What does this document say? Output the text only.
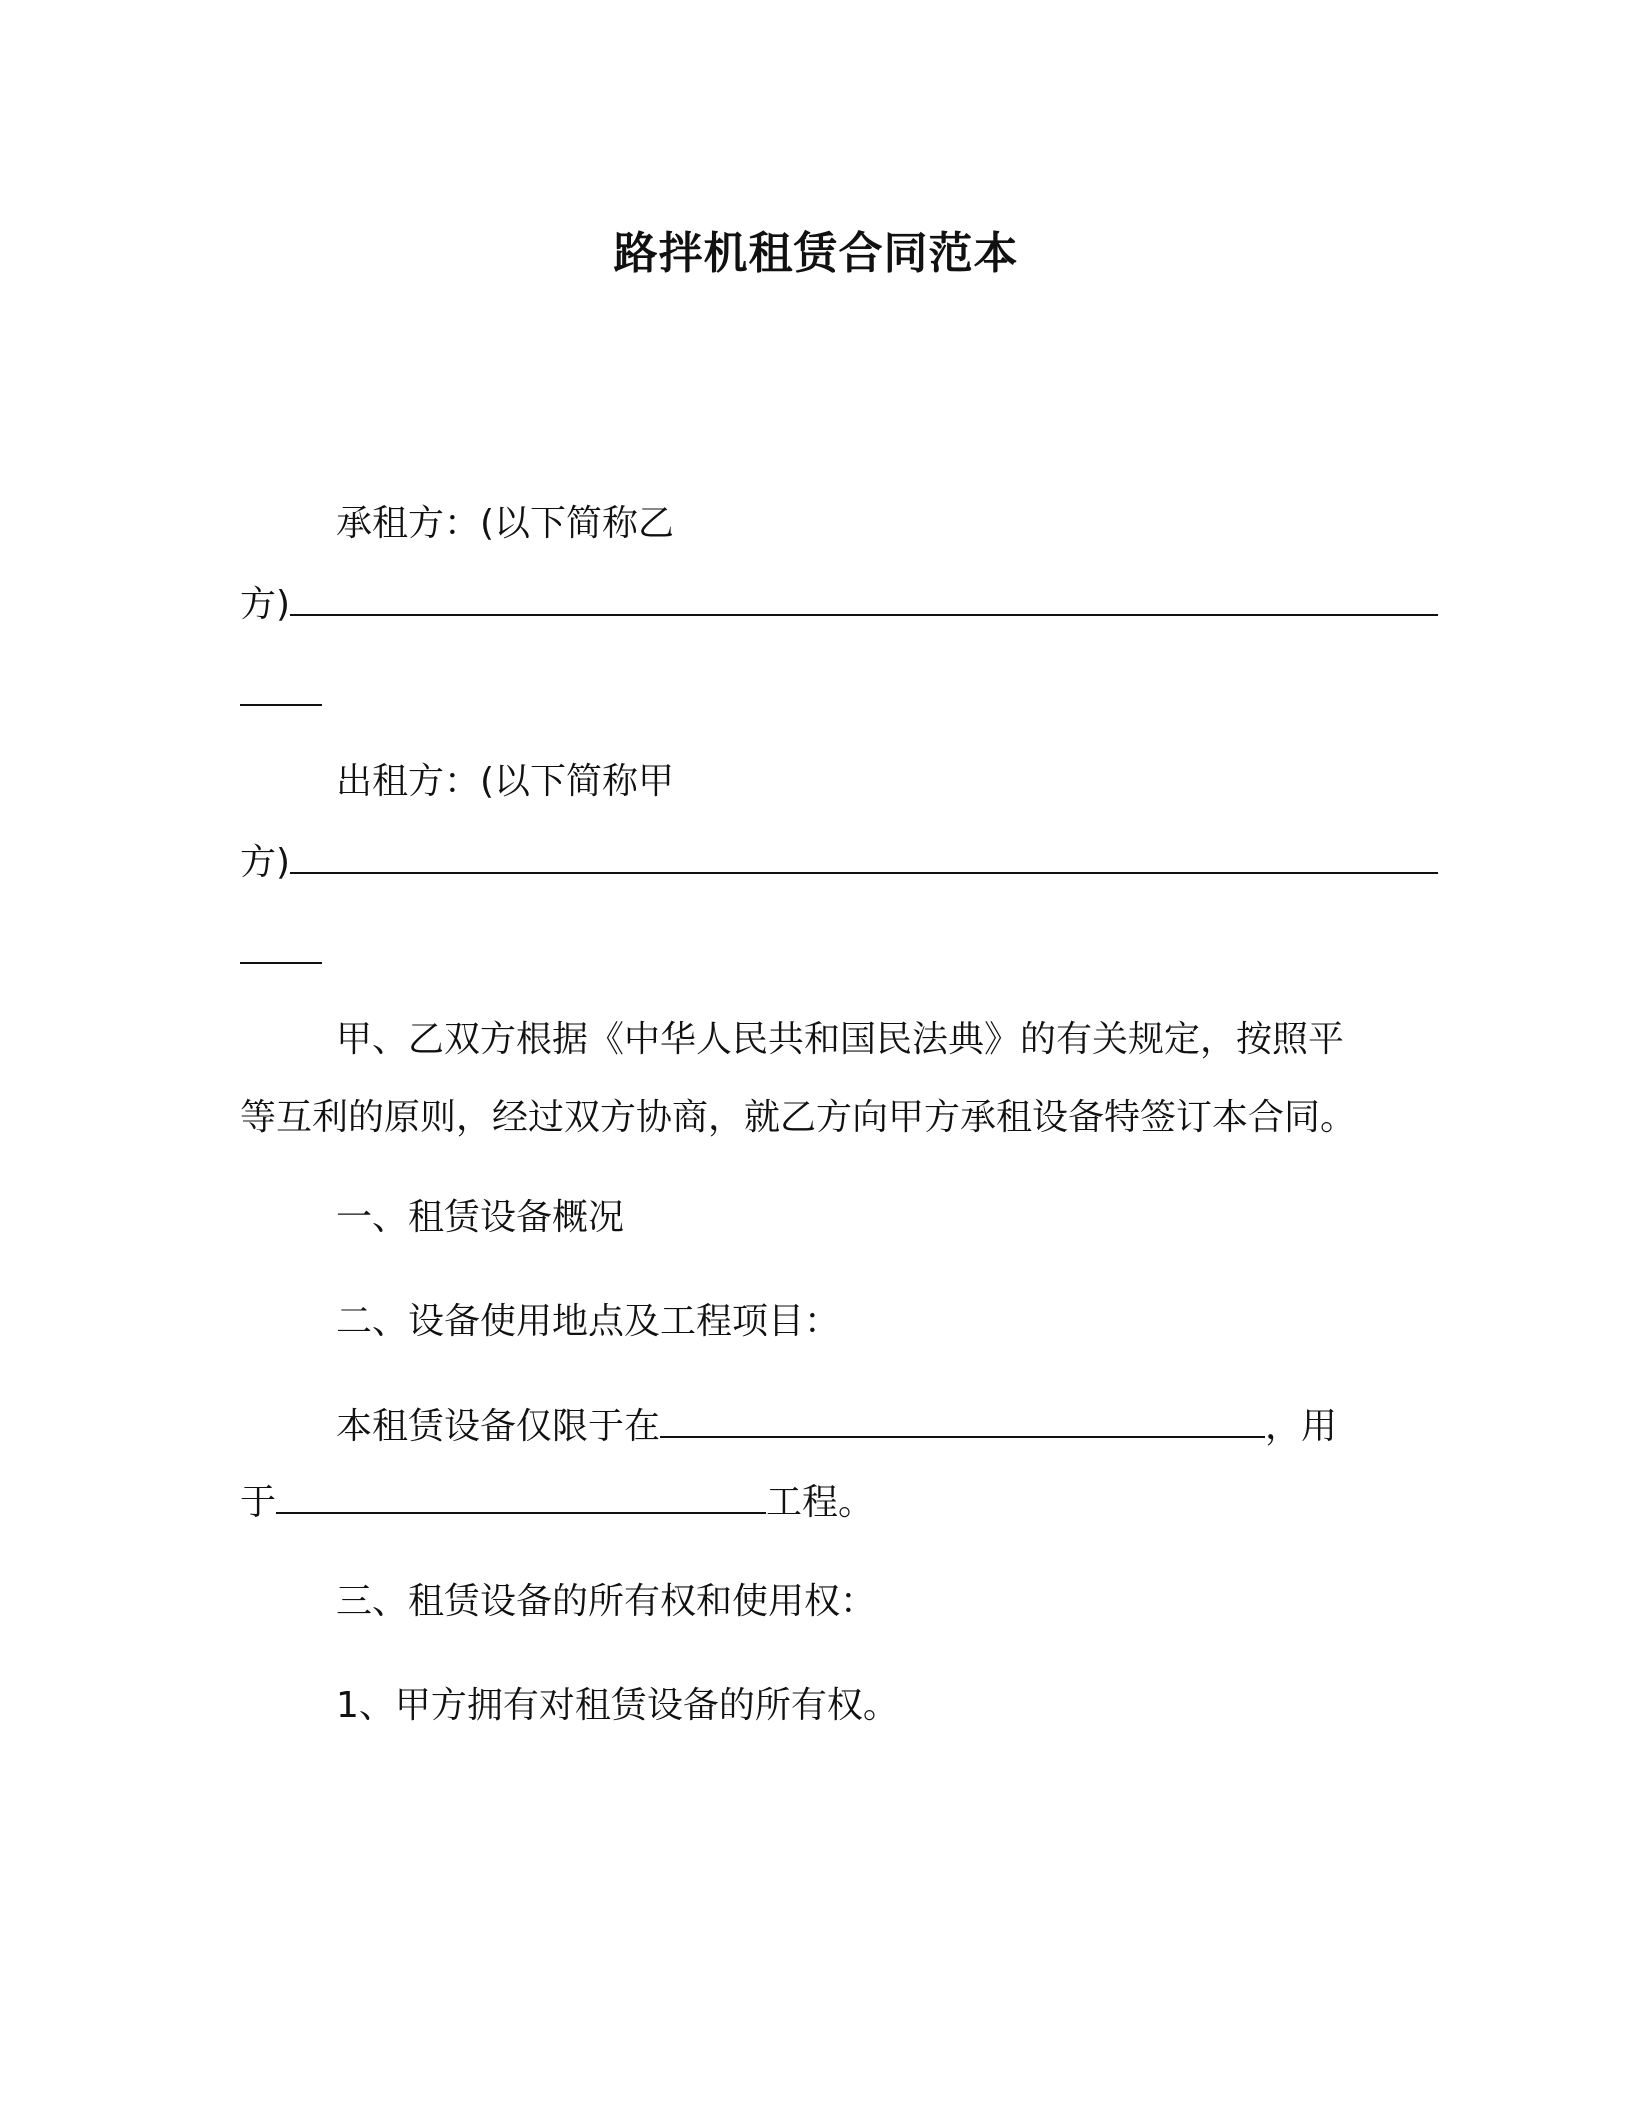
路拌机租赁合同范本
承租方：(以下简称乙
方)
出租方：(以下简称甲
方)
甲、乙双方根据《中华人民共和国民法典》的有关规定，按照平
等互利的原则，经过双方协商，就乙方向甲方承租设备特签订本合同。
一、租赁设备概况
二、设备使用地点及工程项目：
本租赁设备仅限于在	，用
于	工程。
三、租赁设备的所有权和使用权：
1、甲方拥有对租赁设备的所有权。
